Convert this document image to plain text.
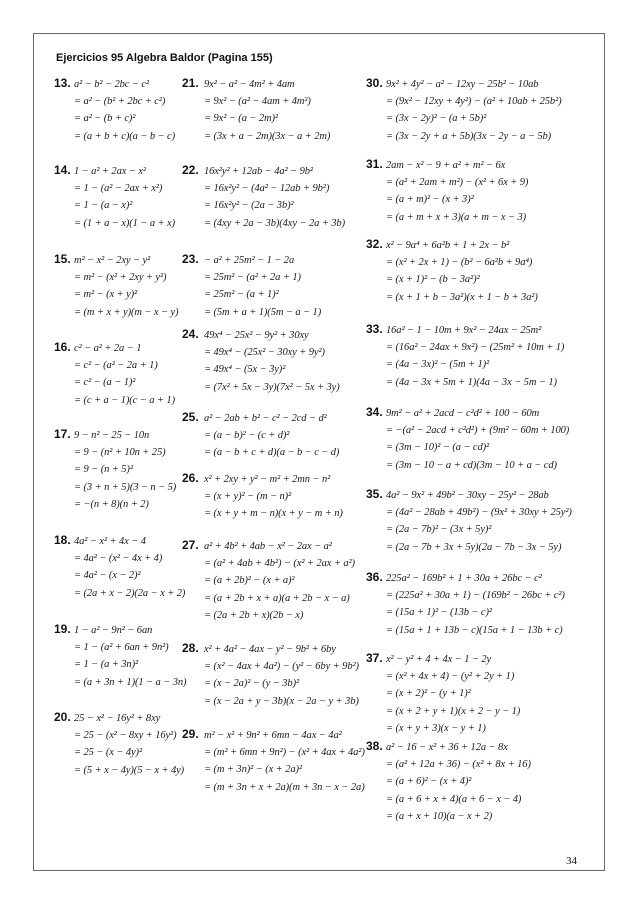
Ejercicios 95 Algebra Baldor (Pagina 155)
13. a² − b² − 2bc − c²
= a² − (b² + 2bc + c²)
= a² − (b + c)²
= (a + b + c)(a − b − c)
14. 1 − a² + 2ax − x²
= 1 − (a² − 2ax + x²)
= 1 − (a − x)²
= (1 + a − x)(1 − a + x)
15. m² − x² − 2xy − y²
= m² − (x² + 2xy + y²)
= m² − (x + y)²
= (m + x + y)(m − x − y)
16. c² − a² + 2a − 1
= c² − (a² − 2a + 1)
= c² − (a − 1)²
= (c + a − 1)(c − a + 1)
17. 9 − n² − 25 − 10n
= 9 − (n² + 10n + 25)
= 9 − (n + 5)²
= (3 + n + 5)(3 − n − 5)
= −(n + 8)(n + 2)
18. 4a² − x² + 4x − 4
= 4a² − (x² − 4x + 4)
= 4a² − (x − 2)²
= (2a + x − 2)(2a − x + 2)
19. 1 − a² − 9n² − 6an
= 1 − (a² + 6an + 9n²)
= 1 − (a + 3n)²
= (a + 3n + 1)(1 − a − 3n)
20. 25 − x² − 16y² + 8xy
= 25 − (x² − 8xy + 16y²)
= 25 − (x − 4y)²
= (5 + x − 4y)(5 − x + 4y)
21. 9x² − a² − 4m² + 4am
= 9x² − (a² − 4am + 4m²)
= 9x² − (a − 2m)²
= (3x + a − 2m)(3x − a + 2m)
22. 16x²y² + 12ab − 4a² − 9b²
= 16x²y² − (4a² − 12ab + 9b²)
= 16x²y² − (2a − 3b)²
= (4xy + 2a − 3b)(4xy − 2a + 3b)
23. − a² + 25m² − 1 − 2a
= 25m² − (a² + 2a + 1)
= 25m² − (a + 1)²
= (5m + a + 1)(5m − a − 1)
24. 49x⁴ − 25x² − 9y² + 30xy
= 49x⁴ − (25x² − 30xy + 9y²)
= 49x⁴ − (5x − 3y)²
= (7x² + 5x − 3y)(7x² − 5x + 3y)
25. a² − 2ab + b² − c² − 2cd − d²
= (a − b)² − (c + d)²
= (a − b + c + d)(a − b − c − d)
26. x² + 2xy + y² − m² + 2mn − n²
= (x + y)² − (m − n)²
= (x + y + m − n)(x + y − m + n)
27. a² + 4b² + 4ab − x² − 2ax − a²
= (a² + 4ab + 4b²) − (x² + 2ax + a²)
= (a + 2b)² − (x + a)²
= (a + 2b + x + a)(a + 2b − x − a)
= (2a + 2b + x)(2b − x)
28. x² + 4a² − 4ax − y² − 9b² + 6by
= (x² − 4ax + 4a²) − (y² − 6by + 9b²)
= (x − 2a)² − (y − 3b)²
= (x − 2a + y − 3b)(x − 2a − y + 3b)
29. m² − x² + 9n² + 6mn − 4ax − 4a²
= (m² + 6mn + 9n²) − (x² + 4ax + 4a²)
= (m + 3n)² − (x + 2a)²
= (m + 3n + x + 2a)(m + 3n − x − 2a)
30. 9x² + 4y² − a² − 12xy − 25b² − 10ab
= (9x² − 12xy + 4y²) − (a² + 10ab + 25b²)
= (3x − 2y)² − (a + 5b)²
= (3x − 2y + a + 5b)(3x − 2y − a − 5b)
31. 2am − x² − 9 + a² + m² − 6x
= (a² + 2am + m²) − (x² + 6x + 9)
= (a + m)² − (x + 3)²
= (a + m + x + 3)(a + m − x − 3)
32. x² − 9a⁴ + 6a²b + 1 + 2x − b²
= (x² + 2x + 1) − (b² − 6a²b + 9a⁴)
= (x + 1)² − (b − 3a²)²
= (x + 1 + b − 3a²)(x + 1 − b + 3a²)
33. 16a² − 1 − 10m + 9x² − 24ax − 25m²
= (16a² − 24ax + 9x²) − (25m² + 10m + 1)
= (4a − 3x)² − (5m + 1)²
= (4a − 3x + 5m + 1)(4a − 3x − 5m − 1)
34. 9m² − a² + 2acd − c²d² + 100 − 60m
= −(a² − 2acd + c²d²) + (9m² − 60m + 100)
= (3m − 10)² − (a − cd)²
= (3m − 10 − a + cd)(3m − 10 + a − cd)
35. 4a² − 9x² + 49b² − 30xy − 25y² − 28ab
= (4a² − 28ab + 49b²) − (9x² + 30xy + 25y²)
= (2a − 7b)² − (3x + 5y)²
= (2a − 7b + 3x + 5y)(2a − 7b − 3x − 5y)
36. 225a² − 169b² + 1 + 30a + 26bc − c²
= (225a² + 30a + 1) − (169b² − 26bc + c²)
= (15a + 1)² − (13b − c)²
= (15a + 1 + 13b − c)(15a + 1 − 13b + c)
37. x² − y² + 4 + 4x − 1 − 2y
= (x² + 4x + 4) − (y² + 2y + 1)
= (x + 2)² − (y + 1)²
= (x + 2 + y + 1)(x + 2 − y − 1)
= (x + y + 3)(x − y + 1)
38. a² − 16 − x² + 36 + 12a − 8x
= (a² + 12a + 36) − (x² + 8x + 16)
= (a + 6)² − (x + 4)²
= (a + 6 + x + 4)(a + 6 − x − 4)
= (a + x + 10)(a − x + 2)
34
